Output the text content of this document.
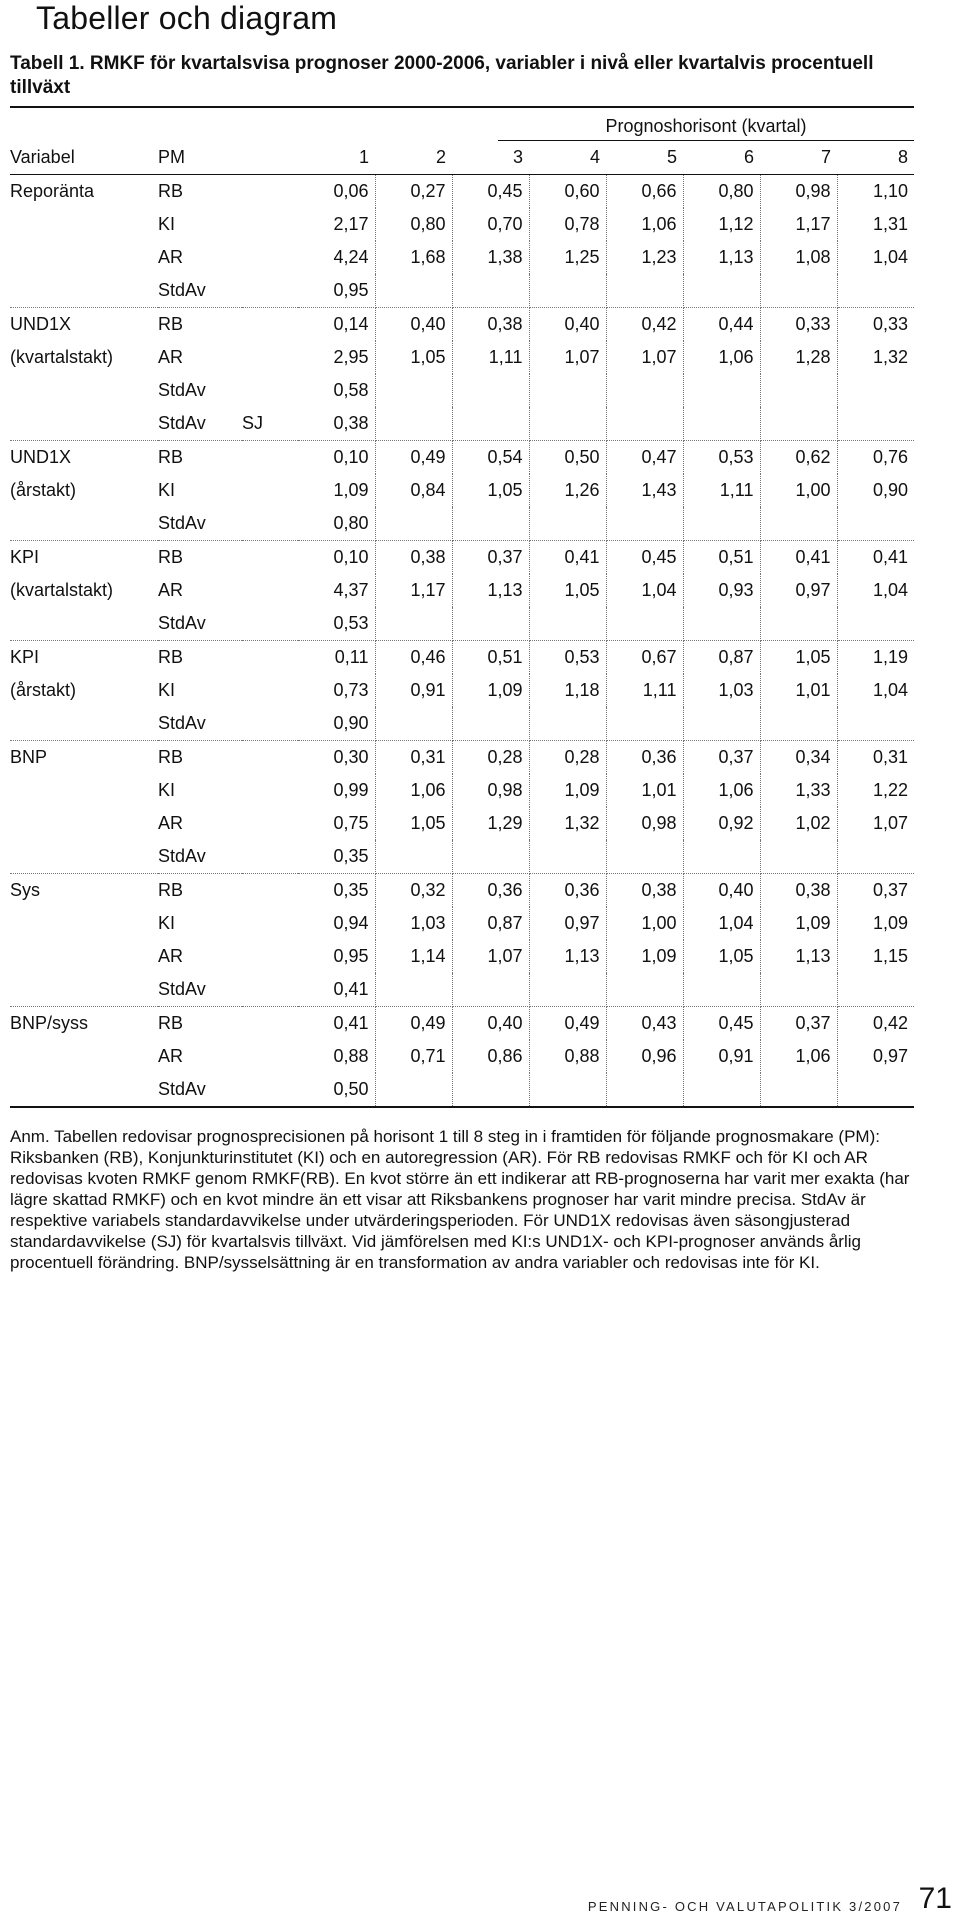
Tabeller och diagram
Tabell 1. RMKF för kvartalsvisa prognoser 2000-2006, variabler i nivå eller kvartalvis procentuell tillväxt
Prognoshorisont (kvartal)
Variabel	PM		1	2	3	4	5	6	7	8
Reporänta	RB		0,06	0,27	0,45	0,60	0,66	0,80	0,98	1,10
	KI		2,17	0,80	0,70	0,78	1,06	1,12	1,17	1,31
	AR		4,24	1,68	1,38	1,25	1,23	1,13	1,08	1,04
	StdAv		0,95							
UND1X	RB		0,14	0,40	0,38	0,40	0,42	0,44	0,33	0,33
(kvartalstakt)	AR		2,95	1,05	1,11	1,07	1,07	1,06	1,28	1,32
	StdAv		0,58							
	StdAv	SJ	0,38							
UND1X	RB		0,10	0,49	0,54	0,50	0,47	0,53	0,62	0,76
(årstakt)	KI		1,09	0,84	1,05	1,26	1,43	1,11	1,00	0,90
	StdAv		0,80							
KPI	RB		0,10	0,38	0,37	0,41	0,45	0,51	0,41	0,41
(kvartalstakt)	AR		4,37	1,17	1,13	1,05	1,04	0,93	0,97	1,04
	StdAv		0,53							
KPI	RB		0,11	0,46	0,51	0,53	0,67	0,87	1,05	1,19
(årstakt)	KI		0,73	0,91	1,09	1,18	1,11	1,03	1,01	1,04
	StdAv		0,90							
BNP	RB		0,30	0,31	0,28	0,28	0,36	0,37	0,34	0,31
	KI		0,99	1,06	0,98	1,09	1,01	1,06	1,33	1,22
	AR		0,75	1,05	1,29	1,32	0,98	0,92	1,02	1,07
	StdAv		0,35							
Sys	RB		0,35	0,32	0,36	0,36	0,38	0,40	0,38	0,37
	KI		0,94	1,03	0,87	0,97	1,00	1,04	1,09	1,09
	AR		0,95	1,14	1,07	1,13	1,09	1,05	1,13	1,15
	StdAv		0,41							
BNP/syss	RB		0,41	0,49	0,40	0,49	0,43	0,45	0,37	0,42
	AR		0,88	0,71	0,86	0,88	0,96	0,91	1,06	0,97
	StdAv		0,50							
Anm. Tabellen redovisar prognosprecisionen på horisont 1 till 8 steg in i framtiden för följande prognosmakare (PM): Riksbanken (RB), Konjunkturinstitutet (KI) och en autoregression (AR). För RB redovisas RMKF och för KI och AR redovisas kvoten RMKF genom RMKF(RB). En kvot större än ett indikerar att RB-prognoserna har varit mer exakta (har lägre skattad RMKF) och en kvot mindre än ett visar att Riksbankens prognoser har varit mindre precisa. StdAv är respektive variabels standardavvikelse under utvärderingsperioden. För UND1X redovisas även säsongjusterad standardavvikelse (SJ) för kvartalsvis tillväxt. Vid jämförelsen med KI:s UND1X- och KPI-prognoser används årlig procentuell förändring. BNP/sysselsättning är en transformation av andra variabler och redovisas inte för KI.
PENNING- OCH VALUTAPOLITIK 3/2007 71
